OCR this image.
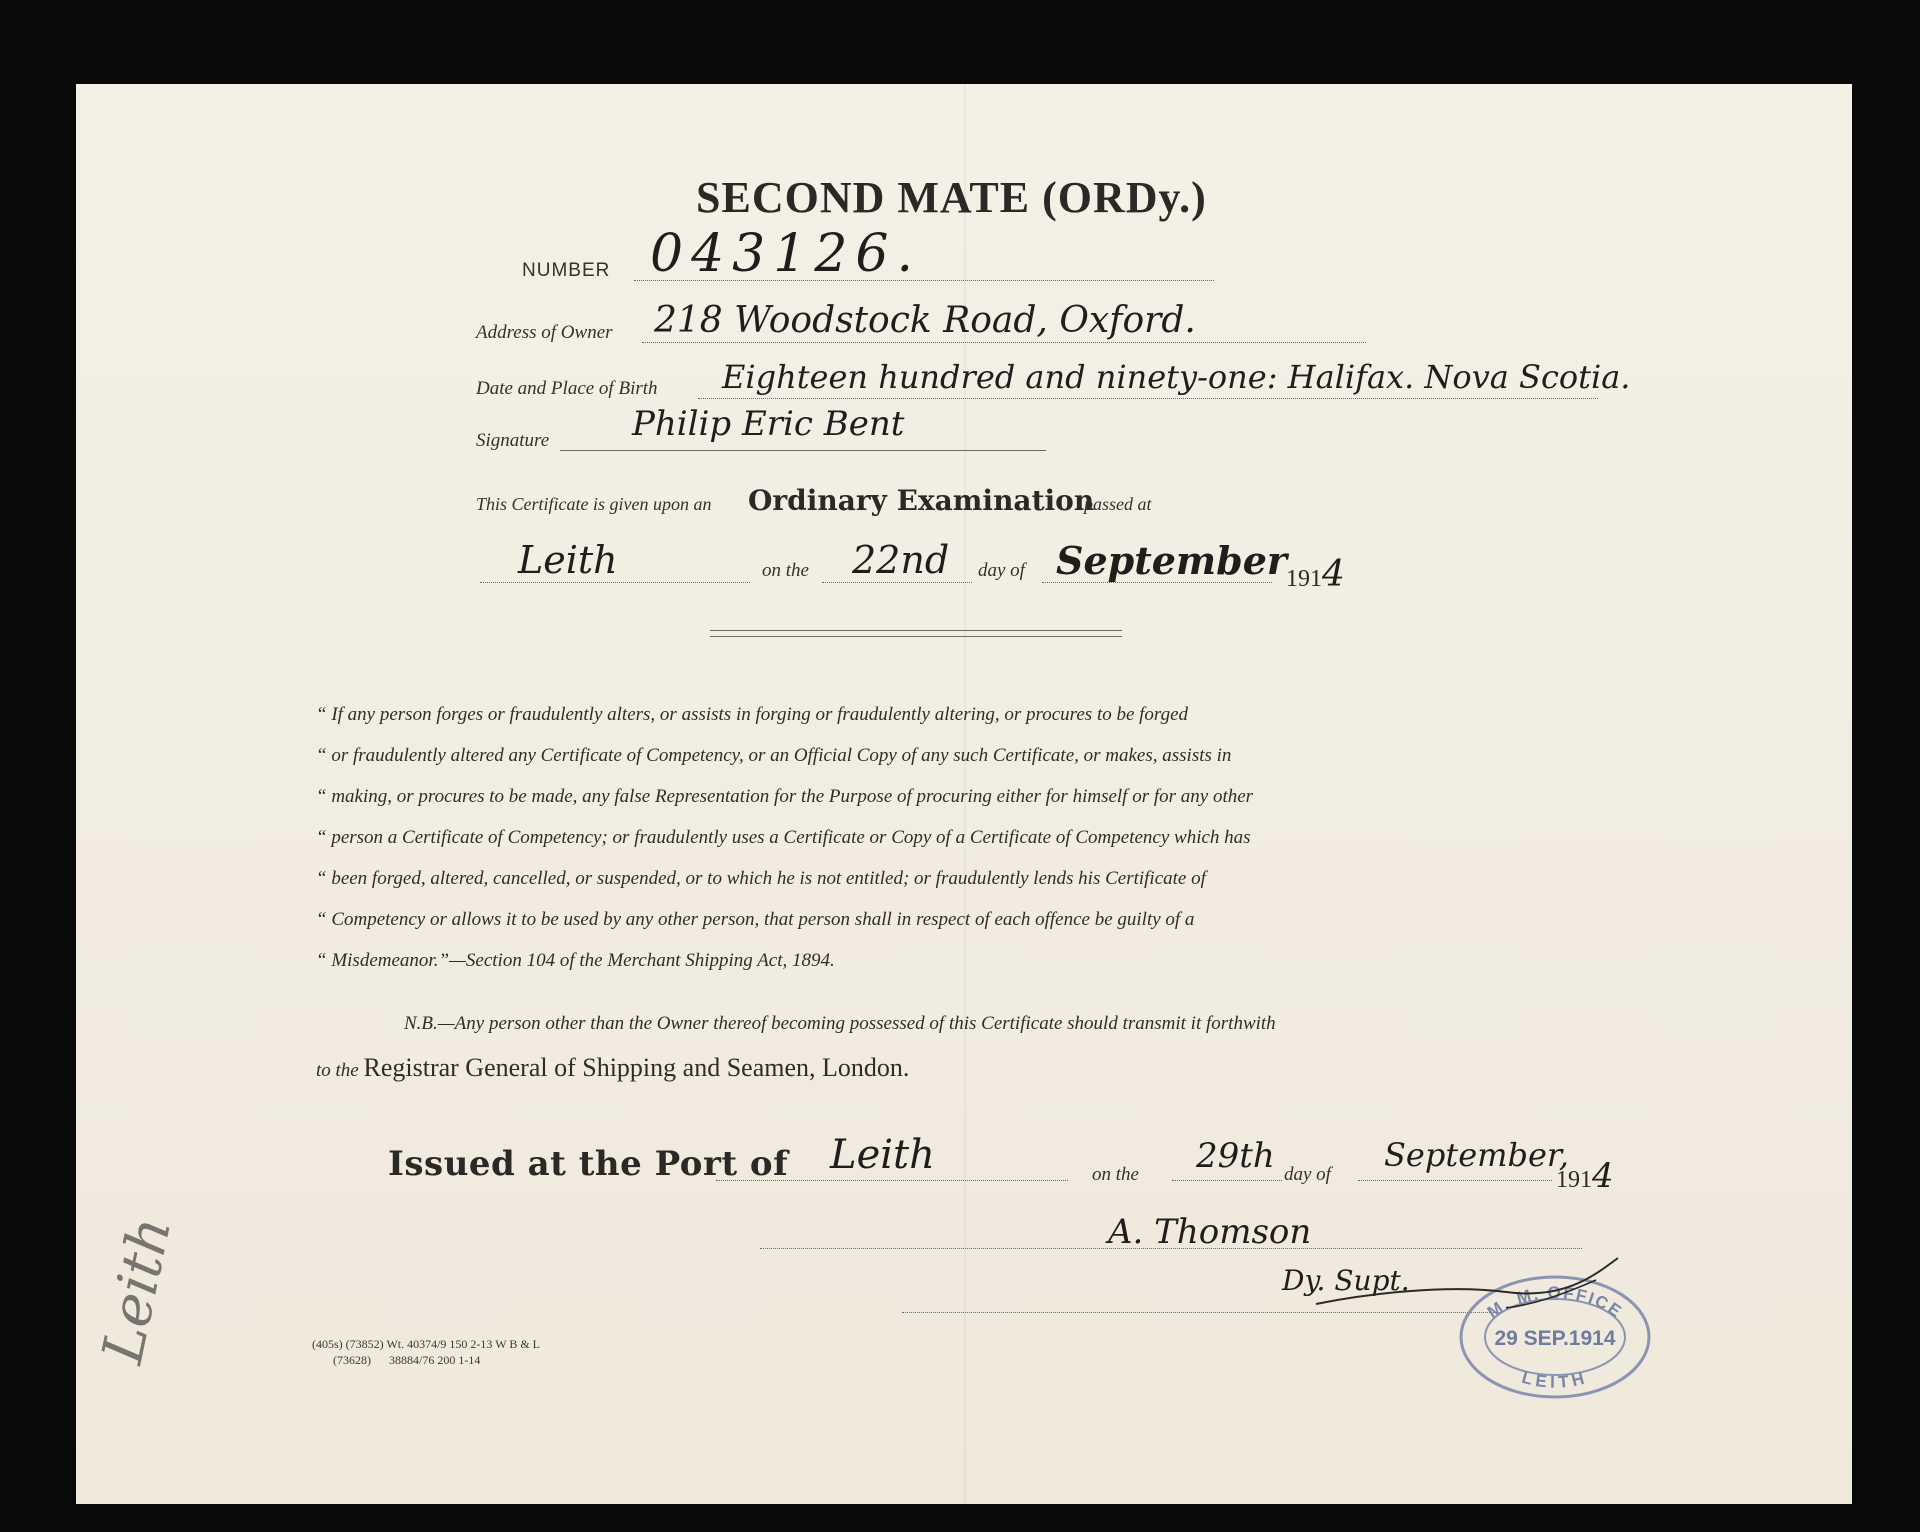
SECOND MATE (ORDy.)
NUMBER 043126.
Address of Owner 218 Woodstock Road, Oxford.
Date and Place of Birth Eighteen hundred and ninety-one: Halifax. Nova Scotia.
Signature Philip Eric Bent
This Certificate is given upon an Ordinary Examination
passed at
Leith	on the 22nd day of September 1914

“ If any person forges or fraudulently alters, or assists in forging or fraudulently altering, or procures to be forged

“ or fraudulently altered any Certificate of Competency, or an Official Copy of any such Certificate, or makes, assists in

“ making, or procures to be made, any false Representation for the Purpose of procuring either for himself or for any other

“ person a Certificate of Competency; or fraudulently uses a Certificate or Copy of a Certificate of Competency which has

“ been forged, altered, cancelled, or suspended, or to which he is not entitled; or fraudulently lends his Certificate of

“ Competency or allows it to be used by any other person, that person shall in respect of each offence be guilty of a

“ Misdemeanor.”—Section 104 of the Merchant Shipping Act, 1894.

N.B.—Any person other than the Owner thereof becoming possessed of this Certificate should transmit it forthwith
to the Registrar General of Shipping and Seamen, London.
Issued at the Port of Leith	on the 29th day of
September,
1914
A. Thomson
Dy. Supt.
(405s) (73852) Wt. 40374/9 150 2-13 W B & L
(73628)      38884/76 200 1-14
Leith	M. M. OFFICE
29 SEP.1914
LEITH
